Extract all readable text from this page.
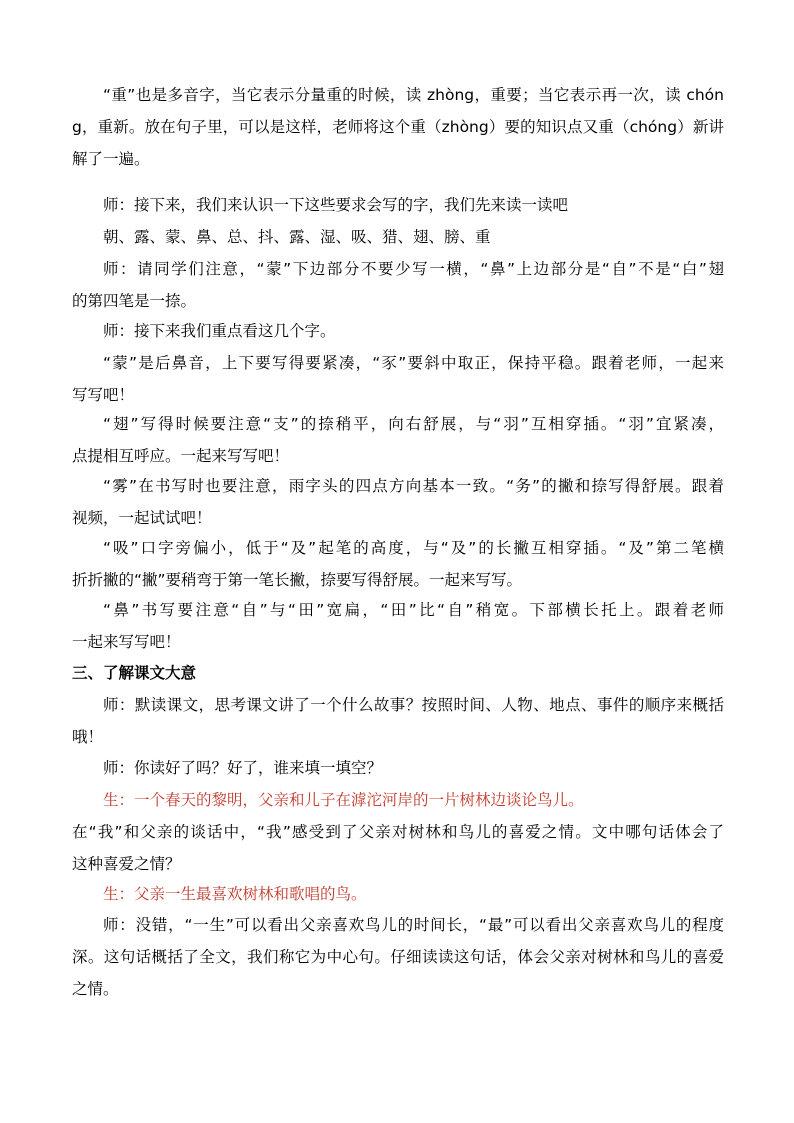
“重”也是多音字，当它表示分量重的时候，读 zhòng，重要；当它表示再一次，读 chón
g，重新。放在句子里，可以是这样，老师将这个重（zhòng）要的知识点又重（chóng）新讲
解了一遍。
师：接下来，我们来认识一下这些要求会写的字，我们先来读一读吧
朝、露、蒙、鼻、总、抖、露、湿、吸、猎、翅、膀、重
师：请同学们注意，“蒙”下边部分不要少写一横，“鼻”上边部分是“自”不是“白”翅
的第四笔是一捺。
师：接下来我们重点看这几个字。
“蒙”是后鼻音，上下要写得要紧凑，“豕”要斜中取正，保持平稳。跟着老师，一起来
写写吧！
“翅”写得时候要注意“支”的捺稍平，向右舒展，与“羽”互相穿插。“羽”宜紧凑，
点提相互呼应。一起来写写吧！
“雾”在书写时也要注意，雨字头的四点方向基本一致。“务”的撇和捺写得舒展。跟着
视频，一起试试吧！
“吸”口字旁偏小，低于“及”起笔的高度，与“及”的长撇互相穿插。“及”第二笔横
折折撇的“撇”要稍弯于第一笔长撇，捺要写得舒展。一起来写写。
“鼻”书写要注意“自”与“田”宽扁，“田”比“自”稍宽。下部横长托上。跟着老师
一起来写写吧！
三、了解课文大意
师：默读课文，思考课文讲了一个什么故事？按照时间、人物、地点、事件的顺序来概括
哦！
师：你读好了吗？好了，谁来填一填空？
生：一个春天的黎明，父亲和儿子在滹沱河岸的一片树林边谈论鸟儿。
在“我”和父亲的谈话中，“我”感受到了父亲对树林和鸟儿的喜爱之情。文中哪句话体会了
这种喜爱之情？
生：父亲一生最喜欢树林和歌唱的鸟。
师：没错，“一生”可以看出父亲喜欢鸟儿的时间长，“最”可以看出父亲喜欢鸟儿的程度
深。这句话概括了全文，我们称它为中心句。仔细读读这句话，体会父亲对树林和鸟儿的喜爱
之情。
